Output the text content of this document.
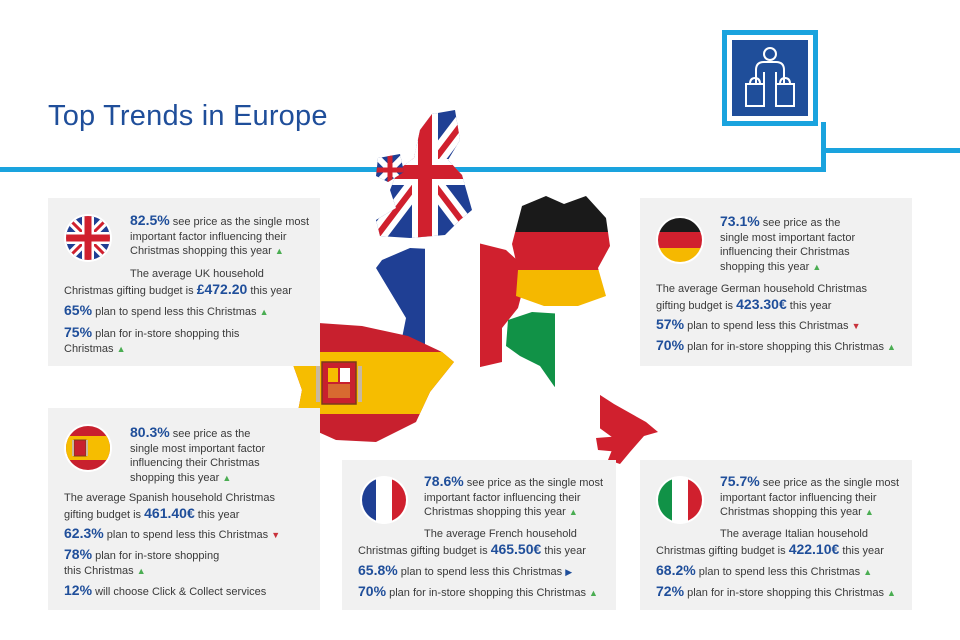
Top Trends in Europe

82.5% see price as the single most important factor influencing their Christmas shopping this year ▲

The average UK household Christmas gifting budget is £472.20 this year

65% plan to spend less this Christmas ▲

75% plan for in-store shopping this Christmas ▲

73.1% see price as the single most important factor influencing their Christmas shopping this year ▲

The average German household Christmas gifting budget is 423.30€ this year

57% plan to spend less this Christmas ▼

70% plan for in-store shopping this Christmas ▲

80.3% see price as the single most important factor influencing their Christmas shopping this year ▲

The average Spanish household Christmas gifting budget is 461.40€ this year

62.3% plan to spend less this Christmas ▼

78% plan for in-store shopping this Christmas ▲

12% will choose Click & Collect services

78.6% see price as the single most important factor influencing their Christmas shopping this year ▲

The average French household Christmas gifting budget is 465.50€ this year

65.8% plan to spend less this Christmas ▶

70% plan for in-store shopping this Christmas ▲

75.7% see price as the single most important factor influencing their Christmas shopping this year ▲

The average Italian household Christmas gifting budget is 422.10€ this year

68.2% plan to spend less this Christmas ▲

72% plan for in-store shopping this Christmas ▲
